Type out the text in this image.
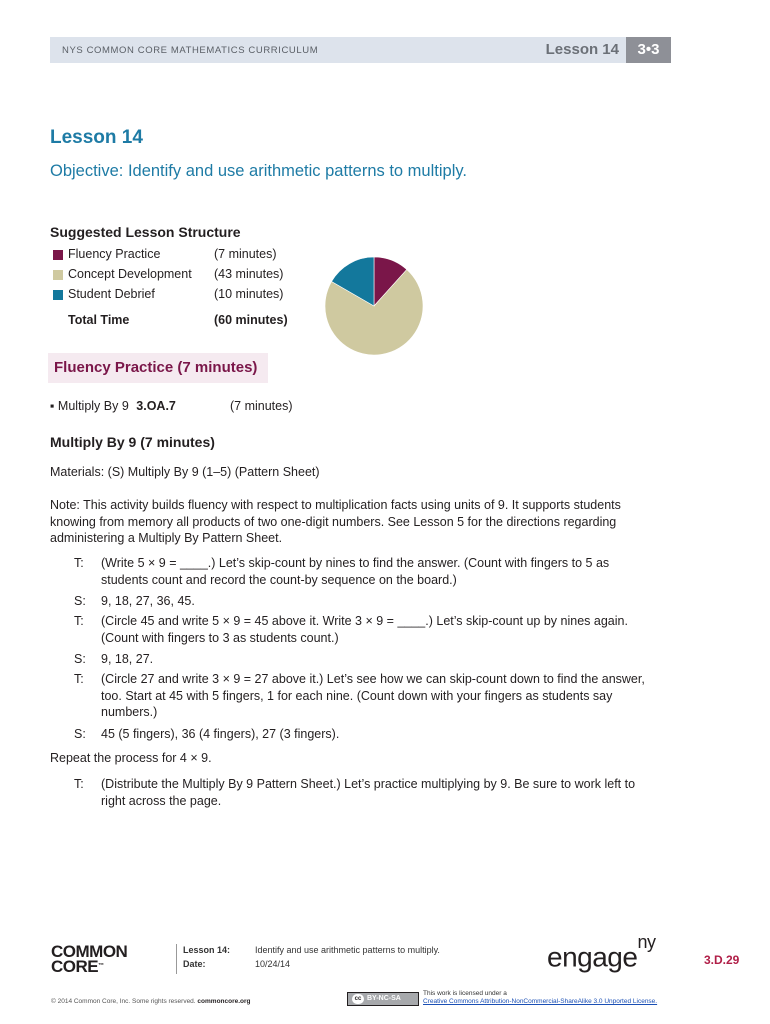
NYS COMMON CORE MATHEMATICS CURRICULUM	Lesson 14	3•3
Lesson 14
Objective: Identify and use arithmetic patterns to multiply.
Suggested Lesson Structure
Fluency Practice	(7 minutes)
Concept Development (43 minutes)
Student Debrief	(10 minutes)
Total Time	(60 minutes)
Fluency Practice (7 minutes)
▪ Multiply By 9 3.OA.7	(7 minutes)
Multiply By 9 (7 minutes)
Materials: (S) Multiply By 9 (1–5) (Pattern Sheet)
Note: This activity builds fluency with respect to multiplication facts using units of 9. It supports students
knowing from memory all products of two one-digit numbers. See Lesson 5 for the directions regarding
administering a Multiply By Pattern Sheet.
T: (Write 5 × 9 = ____.) Let’s skip-count by nines to find the answer. (Count with fingers to 5 as
students count and record the count-by sequence on the board.)
S: 9, 18, 27, 36, 45.
T: (Circle 45 and write 5 × 9 = 45 above it. Write 3 × 9 = ____.) Let’s skip-count up by nines again.
(Count with fingers to 3 as students count.)
S: 9, 18, 27.
T: (Circle 27 and write 3 × 9 = 27 above it.) Let’s see how we can skip-count down to find the answer,
too. Start at 45 with 5 fingers, 1 for each nine. (Count down with your fingers as students say
numbers.)
S: 45 (5 fingers), 36 (4 fingers), 27 (3 fingers).
Repeat the process for 4 × 9.
T: (Distribute the Multiply By 9 Pattern Sheet.) Let’s practice multiplying by 9. Be sure to work left to
right across the page.
COMMON
CORE™
Lesson 14:	Identify and use arithmetic patterns to multiply.
Date:	10/24/14	engage$^{ny}$
3.D.29
© 2014 Common Core, Inc. Some rights reserved. commoncore.org	cc BY-NC-SA
This work is licensed under a
Creative Commons Attribution-NonCommercial-ShareAlike 3.0 Unported License.
